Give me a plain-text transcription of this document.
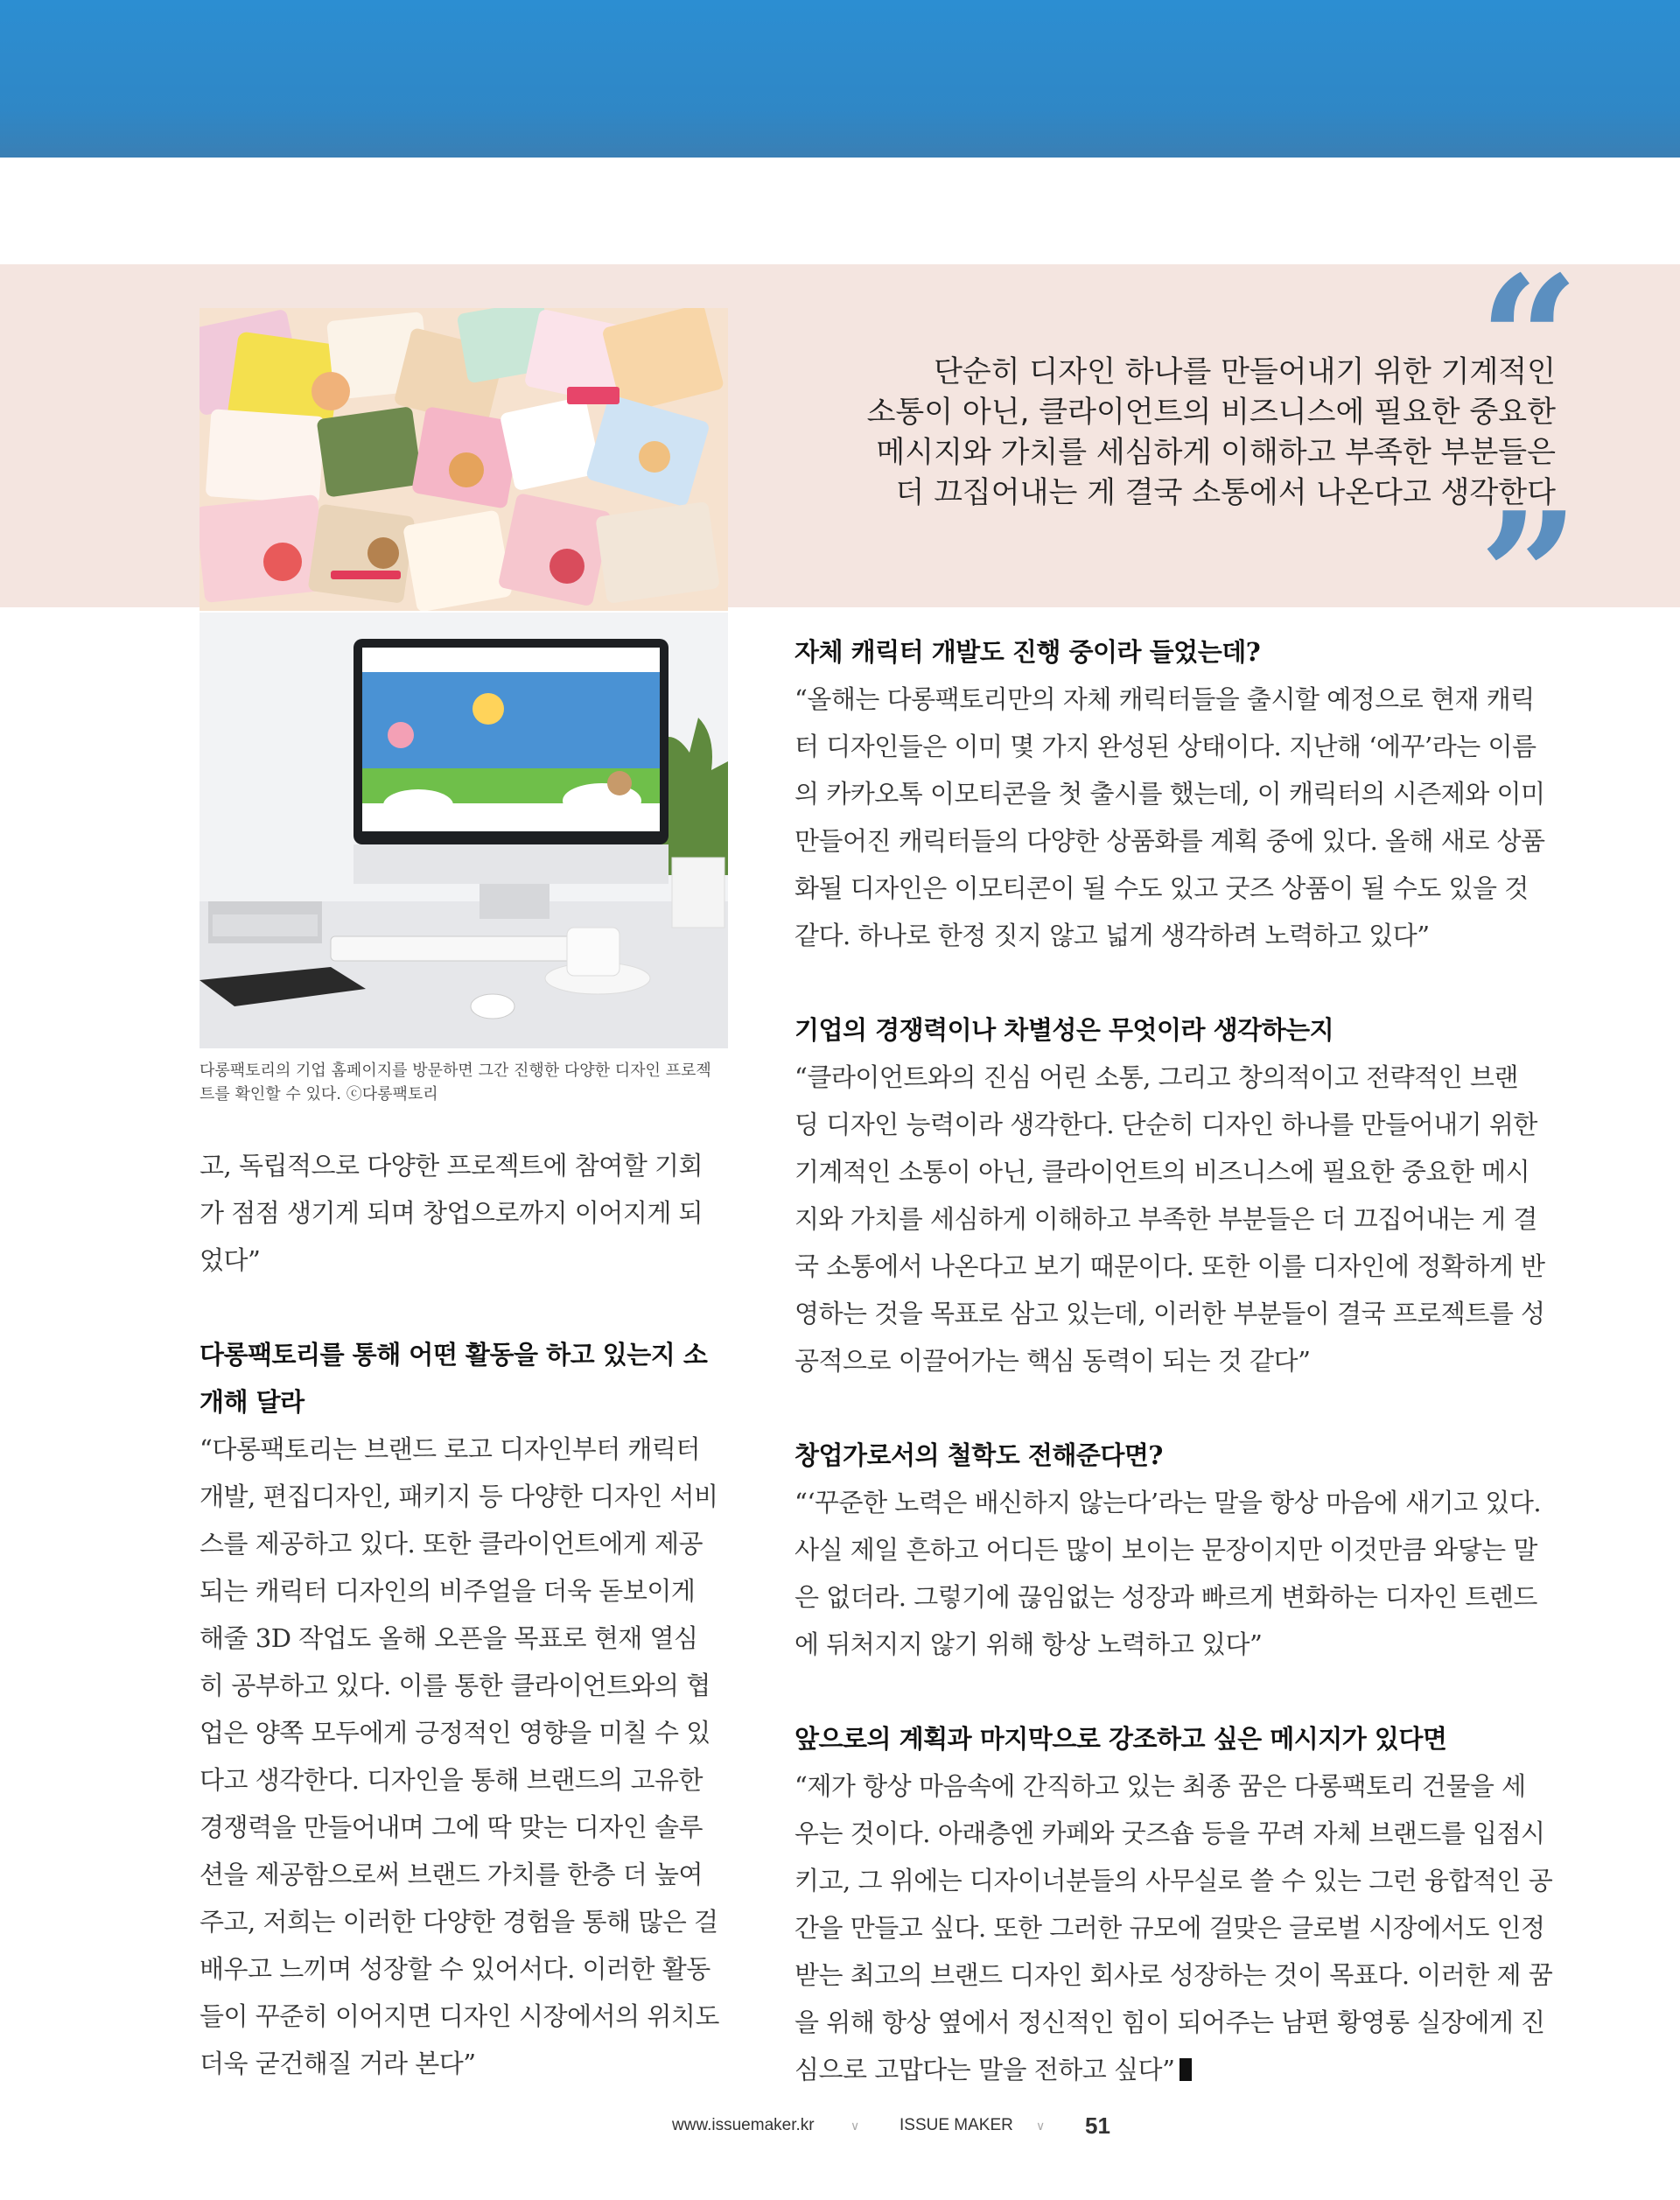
다롱팩토리의 기업 홈페이지를 방문하면 그간 진행한 다양한 디자인 프로젝
트를 확인할 수 있다. ⓒ다롱팩토리
“
”
단순히 디자인 하나를 만들어내기 위한 기계적인
소통이 아닌, 클라이언트의 비즈니스에 필요한 중요한
메시지와 가치를 세심하게 이해하고 부족한 부분들은
더 끄집어내는 게 결국 소통에서 나온다고 생각한다

고, 독립적으로 다양한 프로젝트에 참여할 기회

가 점점 생기게 되며 창업으로까지 이어지게 되

었다”

다롱팩토리를 통해 어떤 활동을 하고 있는지 소
개해 달라

“다롱팩토리는 브랜드 로고 디자인부터 캐릭터

개발, 편집디자인, 패키지 등 다양한 디자인 서비

스를 제공하고 있다. 또한 클라이언트에게 제공

되는 캐릭터 디자인의 비주얼을 더욱 돋보이게

해줄 3D 작업도 올해 오픈을 목표로 현재 열심

히 공부하고 있다. 이를 통한 클라이언트와의 협

업은 양쪽 모두에게 긍정적인 영향을 미칠 수 있

다고 생각한다. 디자인을 통해 브랜드의 고유한

경쟁력을 만들어내며 그에 딱 맞는 디자인 솔루

션을 제공함으로써 브랜드 가치를 한층 더 높여

주고, 저희는 이러한 다양한 경험을 통해 많은 걸

배우고 느끼며 성장할 수 있어서다. 이러한 활동

들이 꾸준히 이어지면 디자인 시장에서의 위치도

더욱 굳건해질 거라 본다”

자체 캐릭터 개발도 진행 중이라 들었는데?

“올해는 다롱팩토리만의 자체 캐릭터들을 출시할 예정으로 현재 캐릭

터 디자인들은 이미 몇 가지 완성된 상태이다. 지난해 ‘에꾸’라는 이름

의 카카오톡 이모티콘을 첫 출시를 했는데, 이 캐릭터의 시즌제와 이미

만들어진 캐릭터들의 다양한 상품화를 계획 중에 있다. 올해 새로 상품

화될 디자인은 이모티콘이 될 수도 있고 굿즈 상품이 될 수도 있을 것

같다. 하나로 한정 짓지 않고 넓게 생각하려 노력하고 있다”

기업의 경쟁력이나 차별성은 무엇이라 생각하는지

“클라이언트와의 진심 어린 소통, 그리고 창의적이고 전략적인 브랜

딩 디자인 능력이라 생각한다. 단순히 디자인 하나를 만들어내기 위한

기계적인 소통이 아닌, 클라이언트의 비즈니스에 필요한 중요한 메시

지와 가치를 세심하게 이해하고 부족한 부분들은 더 끄집어내는 게 결

국 소통에서 나온다고 보기 때문이다. 또한 이를 디자인에 정확하게 반

영하는 것을 목표로 삼고 있는데, 이러한 부분들이 결국 프로젝트를 성

공적으로 이끌어가는 핵심 동력이 되는 것 같다”

창업가로서의 철학도 전해준다면?

“‘꾸준한 노력은 배신하지 않는다’라는 말을 항상 마음에 새기고 있다.

사실 제일 흔하고 어디든 많이 보이는 문장이지만 이것만큼 와닿는 말

은 없더라. 그렇기에 끊임없는 성장과 빠르게 변화하는 디자인 트렌드

에 뒤처지지 않기 위해 항상 노력하고 있다”

앞으로의 계획과 마지막으로 강조하고 싶은 메시지가 있다면

“제가 항상 마음속에 간직하고 있는 최종 꿈은 다롱팩토리 건물을 세

우는 것이다. 아래층엔 카페와 굿즈숍 등을 꾸려 자체 브랜드를 입점시

키고, 그 위에는 디자이너분들의 사무실로 쓸 수 있는 그런 융합적인 공

간을 만들고 싶다. 또한 그러한 규모에 걸맞은 글로벌 시장에서도 인정

받는 최고의 브랜드 디자인 회사로 성장하는 것이 목표다. 이러한 제 꿈

을 위해 항상 옆에서 정신적인 힘이 되어주는 남편 황영롱 실장에게 진

심으로 고맙다는 말을 전하고 싶다”

www.issuemaker.kr	∨ ISSUE MAKER ∨ 51
